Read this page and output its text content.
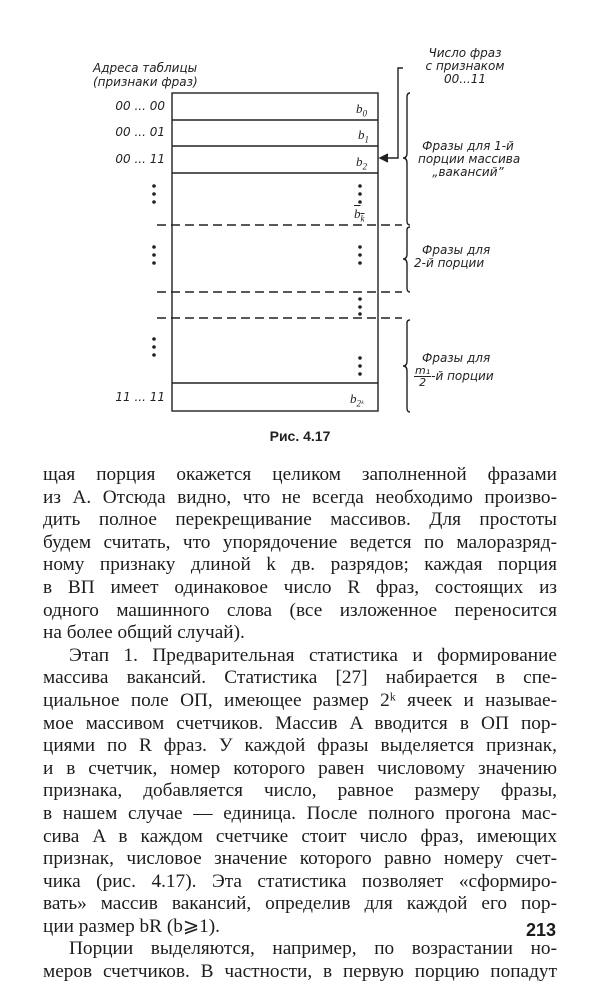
Адреса таблицы
(признаки фраз)
00 ... 00
00 ... 01
00 ... 11
11 ... 11
$b_0$
$b_1$
$b_2$
$b_k$
$b_{2ᵏ}$
Число фраз
с признаком
00...11
Фразы для 1-й
порции массива
„вакансий”
Фразы для
2-й порции
Фразы для
$\frac{\text{m₁}}{2} -й$ порции
Рис. 4.17
щая порция окажется целиком заполненной фразами
из A. Отсюда видно, что не всегда необходимо произво-
дить полное перекрещивание массивов. Для простоты
будем считать, что упорядочение ведется по малоразряд-
ному признаку длиной k дв. разрядов; каждая порция
в ВП имеет одинаковое число R фраз, состоящих из
одного машинного слова (все изложенное переносится
на более общий случай).
Этап 1. Предварительная статистика и формирование
массива вакансий. Статистика [27] набирается в спе-
циальное поле ОП, имеющее размер 2ᵏ ячеек и называе-
мое массивом счетчиков. Массив A вводится в ОП пор-
циями по R фраз. У каждой фразы выделяется признак,
и в счетчик, номер которого равен числовому значению
признака, добавляется число, равное размеру фразы,
в нашем случае — единица. После полного прогона мас-
сива A в каждом счетчике стоит число фраз, имеющих
признак, числовое значение которого равно номеру счет-
чика (рис. 4.17). Эта статистика позволяет «сформиро-
вать» массив вакансий, определив для каждой его пор-
ции размер bR (b⩾1).
Порции выделяются, например, по возрастании но-
меров счетчиков. В частности, в первую порцию попадут
213
